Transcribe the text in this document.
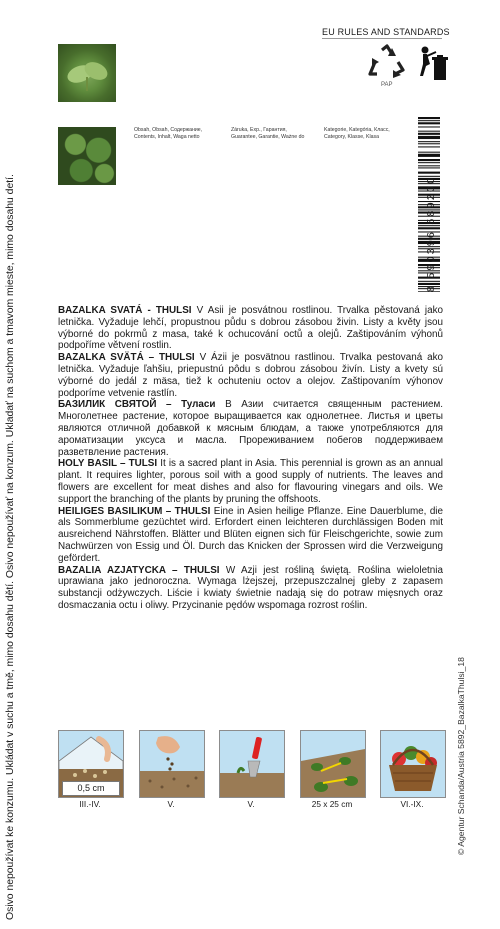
Osivo nepoužívat ke konzumu. Ukládat v suchu a tmě, mimo dosahu dětí. Osivo nepoužívať na konzum. Ukladať na suchom a tmavom mieste, mimo dosahu detí.
Obsah, Obsah, Содержание,
Contents, Inhalt, Waga netto
Záruka, Exp., Гарантия,
Guarantee, Garantie, Ważne do
Kategorie, Kategória, Класс,
Category, Klasse, Klasa
EU RULES AND STANDARDS
PAP
8 590396 589200

BAZALKA SVATÁ - THULSI V Asii je posvátnou rostlinou. Trvalka pěstovaná jako letnička. Vyžaduje lehčí, propustnou půdu s dobrou zásobou živin. Listy a květy jsou výborné do pokrmů z masa, také k ochucování octů a olejů. Zaštipováním výhonů podpoříme větvení rostlin.

BAZALKA SVÄTÁ – THULSI V Ázii je posvätnou rastlinou. Trvalka pestovaná ako letnička. Vyžaduje ľahšiu, priepustnú pôdu s dobrou zásobou živín. Listy a kvety sú výborné do jedál z mäsa, tiež k ochuteniu octov a olejov. Zaštipovaním výhonov podporíme vetvenie rastlín.

БАЗИЛИК СВЯТОЙ – Туласи В Азии считается священным растением. Многолетнее растение, которое выращивается как однолетнее. Листья и цветы являются отличной добавкой к мясным блюдам, а также употребляются для ароматизации уксуса и масла. Прореживанием побегов поддерживаем разветвление растения.

HOLY BASIL – TULSI It is a sacred plant in Asia. This perennial is grown as an annual plant. It requires lighter, porous soil with a good supply of nutrients. The leaves and flowers are excellent for meat dishes and also for flavouring vinegars and oils. We support the branching of the plants by pruning the offshoots.

HEILIGES BASILIKUM – THULSI Eine in Asien heilige Pflanze. Eine Dauerblume, die als Sommerblume gezüchtet wird. Erfordert einen leichteren durchlässigen Boden mit ausreichend Nährstoffen. Blätter und Blüten eignen sich für Fleischgerichte, sowie zum Nachwürzen von Essig und Öl. Durch das Knicken der Sprossen wird die Verzweigung gefördert.

BAZALIA AZJATYCKA – THULSI W Azji jest rośliną świętą. Roślina wieloletnia uprawiana jako jednoroczna. Wymaga lżejszej, przepuszczalnej gleby z zapasem substancji odżywczych. Liście i kwiaty świetnie nadają się do potraw mięsnych oraz dosmaczania octu i oliwy. Przycinanie pędów wspomaga rozrost roślin.

© Agentur Schanda/Austria 5892_BazalkaThulsi_18
0,5 cm
III.-IV.	V.	V.	25 x 25 cm	VI.-IX.
